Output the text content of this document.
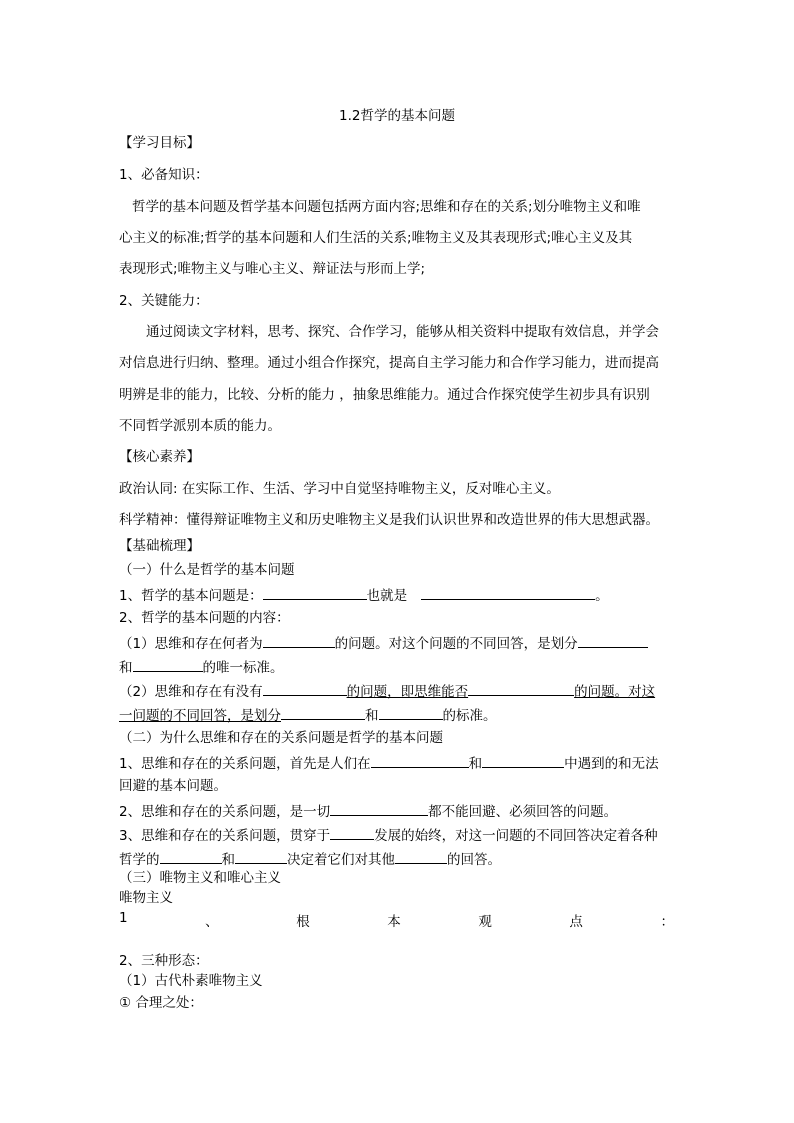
1.2哲学的基本问题
【学习目标】
1、必备知识：
哲学的基本问题及哲学基本问题包括两方面内容;思维和存在的关系;划分唯物主义和唯
心主义的标准;哲学的基本问题和人们生活的关系;唯物主义及其表现形式;唯心主义及其
表现形式;唯物主义与唯心主义、辩证法与形而上学;
2、关键能力：
通过阅读文字材料，思考、探究、合作学习，能够从相关资料中提取有效信息，并学会
对信息进行归纳、整理。通过小组合作探究，提高自主学习能力和合作学习能力，进而提高
明辨是非的能力，比较、分析的能力 ，抽象思维能力。通过合作探究使学生初步具有识别
不同哲学派别本质的能力。
【核心素养】
政治认同: 在实际工作、生活、学习中自觉坚持唯物主义，反对唯心主义。
科学精神：懂得辩证唯物主义和历史唯物主义是我们认识世界和改造世界的伟大思想武器。
【基础梳理】
（一）什么是哲学的基本问题
1、哲学的基本问题是：	也就是	。
2、哲学的基本问题的内容：
（1）思维和存在何者为	的问题。对这个问题的不同回答，是划分
和	的唯一标准。
（2）思维和存在有没有	的问题，即思维能否	的问题。对这
一问题的不同回答，是划分	和	的标准。
（二）为什么思维和存在的关系问题是哲学的基本问题
1、思维和存在的关系问题，首先是人们在	和	中遇到的和无法
回避的基本问题。
2、思维和存在的关系问题，是一切	都不能回避、必须回答的问题。
3、思维和存在的关系问题，贯穿于	发展的始终，对这一问题的不同回答决定着各种
哲学的	和	决定着它们对其他	的回答。
（三）唯物主义和唯心主义
唯物主义
1	、	根	本	观	点	：
2、三种形态：
（1）古代朴素唯物主义
① 合理之处：
